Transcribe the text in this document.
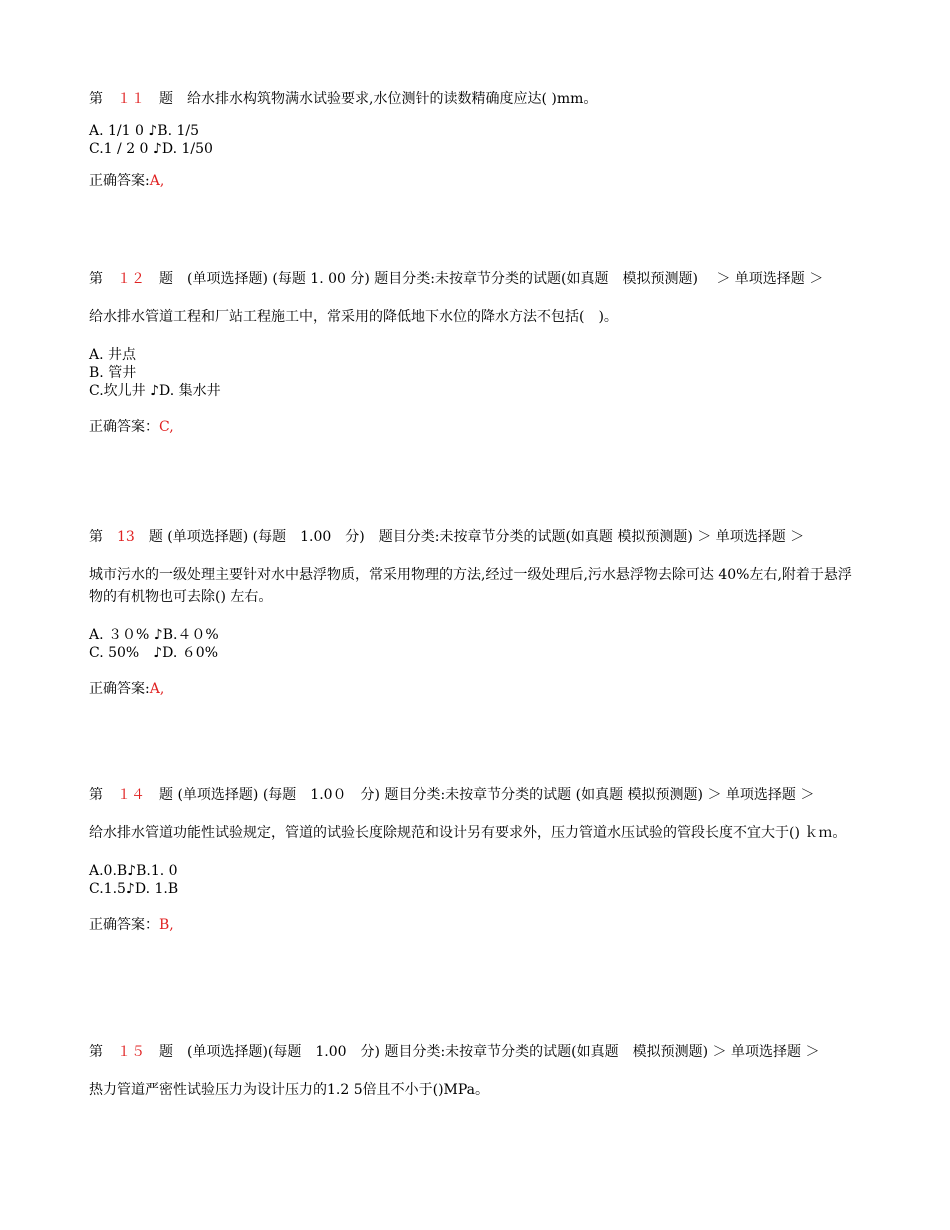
第　 １１　 题　给水排水构筑物满水试验要求,水位测针的读数精确度应达( )mm。
A. 1/1 0 ♪B. 1/5
C.1 / 2 0 ♪D. 1/50
正确答案:A,
第　 １２　 题　(单项选择题) (每题 1. 00 分) 题目分类:未按章节分类的试题(如真题　模拟预测题)　 ＞ 单项选择题 ＞
给水排水管道工程和厂站工程施工中，常采用的降低地下水位的降水方法不包括(　)。
A. 井点
B. 管井
C.坎儿井 ♪D. 集水井
正确答案：C,
第　 13　 题 (单项选择题) (每题　1.00　分)　题目分类:未按章节分类的试题(如真题 模拟预测题) ＞ 单项选择题 ＞
城市污水的一级处理主要针对水中悬浮物质，常采用物理的方法,经过一级处理后,污水悬浮物去除可达 40%左右,附着于悬浮物的有机物也可去除() 左右。
A. ３０% ♪B.４０%
C. 50%　♪D. ６0%
正确答案:A,
第　 １４　 题 (单项选择题) (每题　1.0０　分) 题目分类:未按章节分类的试题 (如真题 模拟预测题) ＞ 单项选择题 ＞
给水排水管道功能性试验规定，管道的试验长度除规范和设计另有要求外，压力管道水压试验的管段长度不宜大于() ｋｍ。
A.0.B♪B.1. 0
C.1.5♪D. 1.B
正确答案：B,
第　 １５　 题　(单项选择题)(每题　1.00　分) 题目分类:未按章节分类的试题(如真题　模拟预测题) ＞ 单项选择题 ＞
热力管道严密性试验压力为设计压力的1.2 5倍且不小于()MPa。
